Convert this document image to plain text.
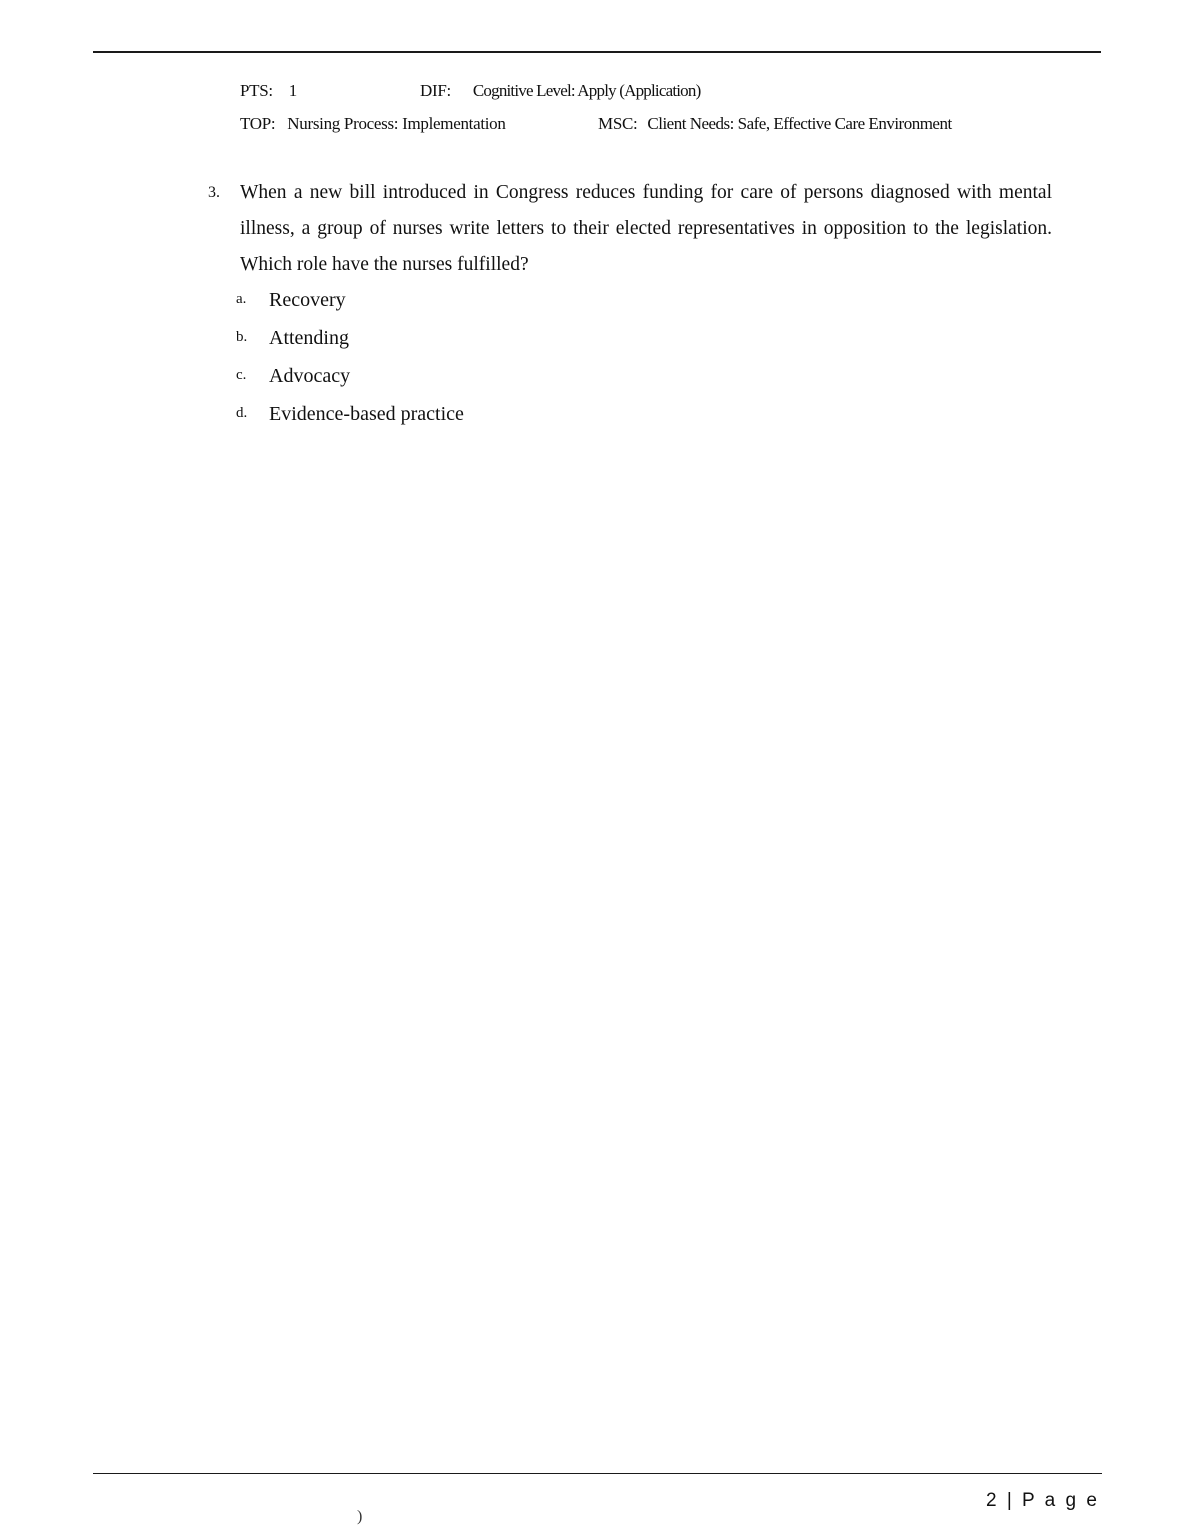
PTS: 1	DIF: Cognitive Level: Apply (Application)
TOP: Nursing Process: Implementation	MSC: Client Needs: Safe, Effective Care Environment
3. When a new bill introduced in Congress reduces funding for care of persons diagnosed with mental illness, a group of nurses write letters to their elected representatives in opposition to the legislation. Which role have the nurses fulfilled?
a. Recovery
b. Attending
c. Advocacy
d. Evidence-based practice
2 | P a g e
)
